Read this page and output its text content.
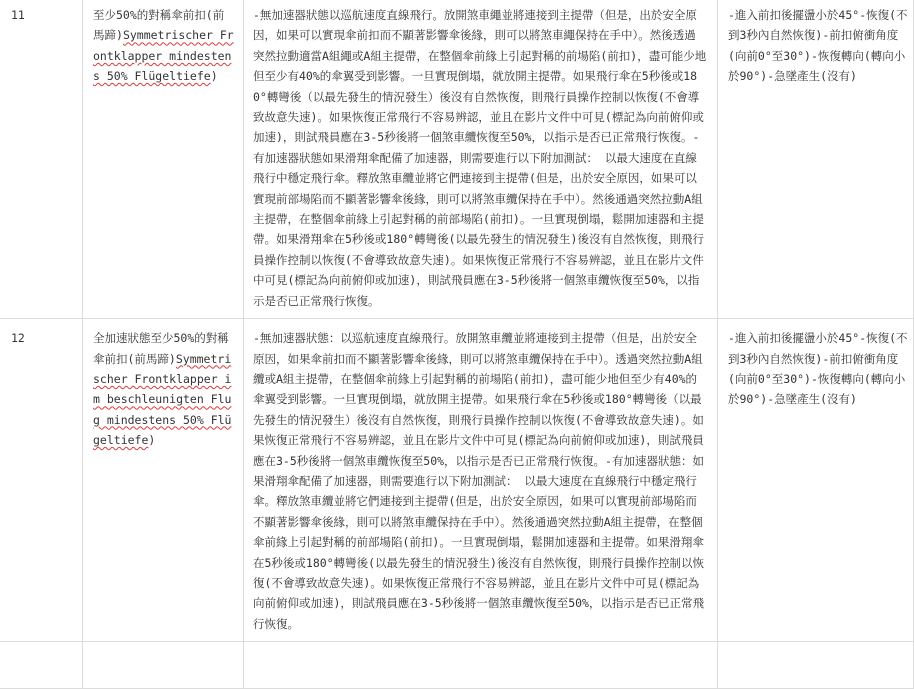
11	至少50%的對稱傘前扣(前馬蹄)Symmetrischer Frontklapper mindestens 50% Flügeltiefe)	-無加速器狀態以巡航速度直線飛行。放開煞車繩並將連接到主提帶（但是，出於安全原因，如果可以實現傘前扣而不顯著影響傘後緣，則可以將煞車繩保持在手中）。然後透過突然拉動適當A組繩或A組主提帶，在整個傘前緣上引起對稱的前場陷(前扣)，盡可能少地但至少有40%的傘翼受到影響。一旦實現倒塌，就放開主提帶。如果飛行傘在5秒後或180°轉彎後（以最先發生的情況發生）後沒有自然恢復，則飛行員操作控制以恢復(不會導致故意失速)。如果恢復正常飛行不容易辨認，並且在影片文件中可見(標記為向前俯仰或加速)，則試飛員應在3-5秒後將一個煞車纜恢復至50%，以指示是否已正常飛行恢復。-有加速器狀態如果滑翔傘配備了加速器，則需要進行以下附加測試： 以最大速度在直線飛行中穩定飛行傘。釋放煞車纜並將它們連接到主提帶(但是，出於安全原因，如果可以實現前部場陷而不顯著影響傘後緣，則可以將煞車纜保持在手中）。然後通過突然拉動A組主提帶，在整個傘前緣上引起對稱的前部場陷(前扣)。一旦實現倒塌，鬆開加速器和主提帶。如果滑翔傘在5秒後或180°轉彎後(以最先發生的情況發生)後沒有自然恢復，則飛行員操作控制以恢復(不會導致故意失速)。如果恢復正常飛行不容易辨認，並且在影片文件中可見(標記為向前俯仰或加速)，則試飛員應在3-5秒後將一個煞車纜恢復至50%，以指示是否已正常飛行恢復。	-進入前扣後擺盪小於45°-恢復(不到3秒內自然恢復)-前扣俯衝角度(向前0°至30°)-恢復轉向(轉向小於90°)-急墜產生(沒有)
12	全加速狀態至少50%的對稱傘前扣(前馬蹄)Symmetrischer Frontklapper im beschleunigten Flug mindestens 50% Flügeltiefe)	-無加速器狀態：以巡航速度直線飛行。放開煞車纜並將連接到主提帶（但是，出於安全原因，如果傘前扣而不顯著影響傘後緣，則可以將煞車纜保持在手中）。透過突然拉動A組纜或A組主提帶，在整個傘前緣上引起對稱的前場陷(前扣)，盡可能少地但至少有40%的傘翼受到影響。一旦實現倒塌，就放開主提帶。如果飛行傘在5秒後或180°轉彎後（以最先發生的情況發生）後沒有自然恢復，則飛行員操作控制以恢復(不會導致故意失速)。如果恢復正常飛行不容易辨認，並且在影片文件中可見(標記為向前俯仰或加速)，則試飛員應在3-5秒後將一個煞車纜恢復至50%，以指示是否已正常飛行恢復。-有加速器狀態：如果滑翔傘配備了加速器，則需要進行以下附加測試： 以最大速度在直線飛行中穩定飛行傘。釋放煞車纜並將它們連接到主提帶(但是，出於安全原因，如果可以實現前部場陷而不顯著影響傘後緣，則可以將煞車纜保持在手中）。然後通過突然拉動A組主提帶，在整個傘前緣上引起對稱的前部場陷(前扣)。一旦實現倒塌，鬆開加速器和主提帶。如果滑翔傘在5秒後或180°轉彎後(以最先發生的情況發生)後沒有自然恢復，則飛行員操作控制以恢復(不會導致故意失速)。如果恢復正常飛行不容易辨認，並且在影片文件中可見(標記為向前俯仰或加速)，則試飛員應在3-5秒後將一個煞車纜恢復至50%，以指示是否已正常飛行恢復。	-進入前扣後擺盪小於45°-恢復(不到3秒內自然恢復)-前扣俯衝角度(向前0°至30°)-恢復轉向(轉向小於90°)-急墜產生(沒有)
